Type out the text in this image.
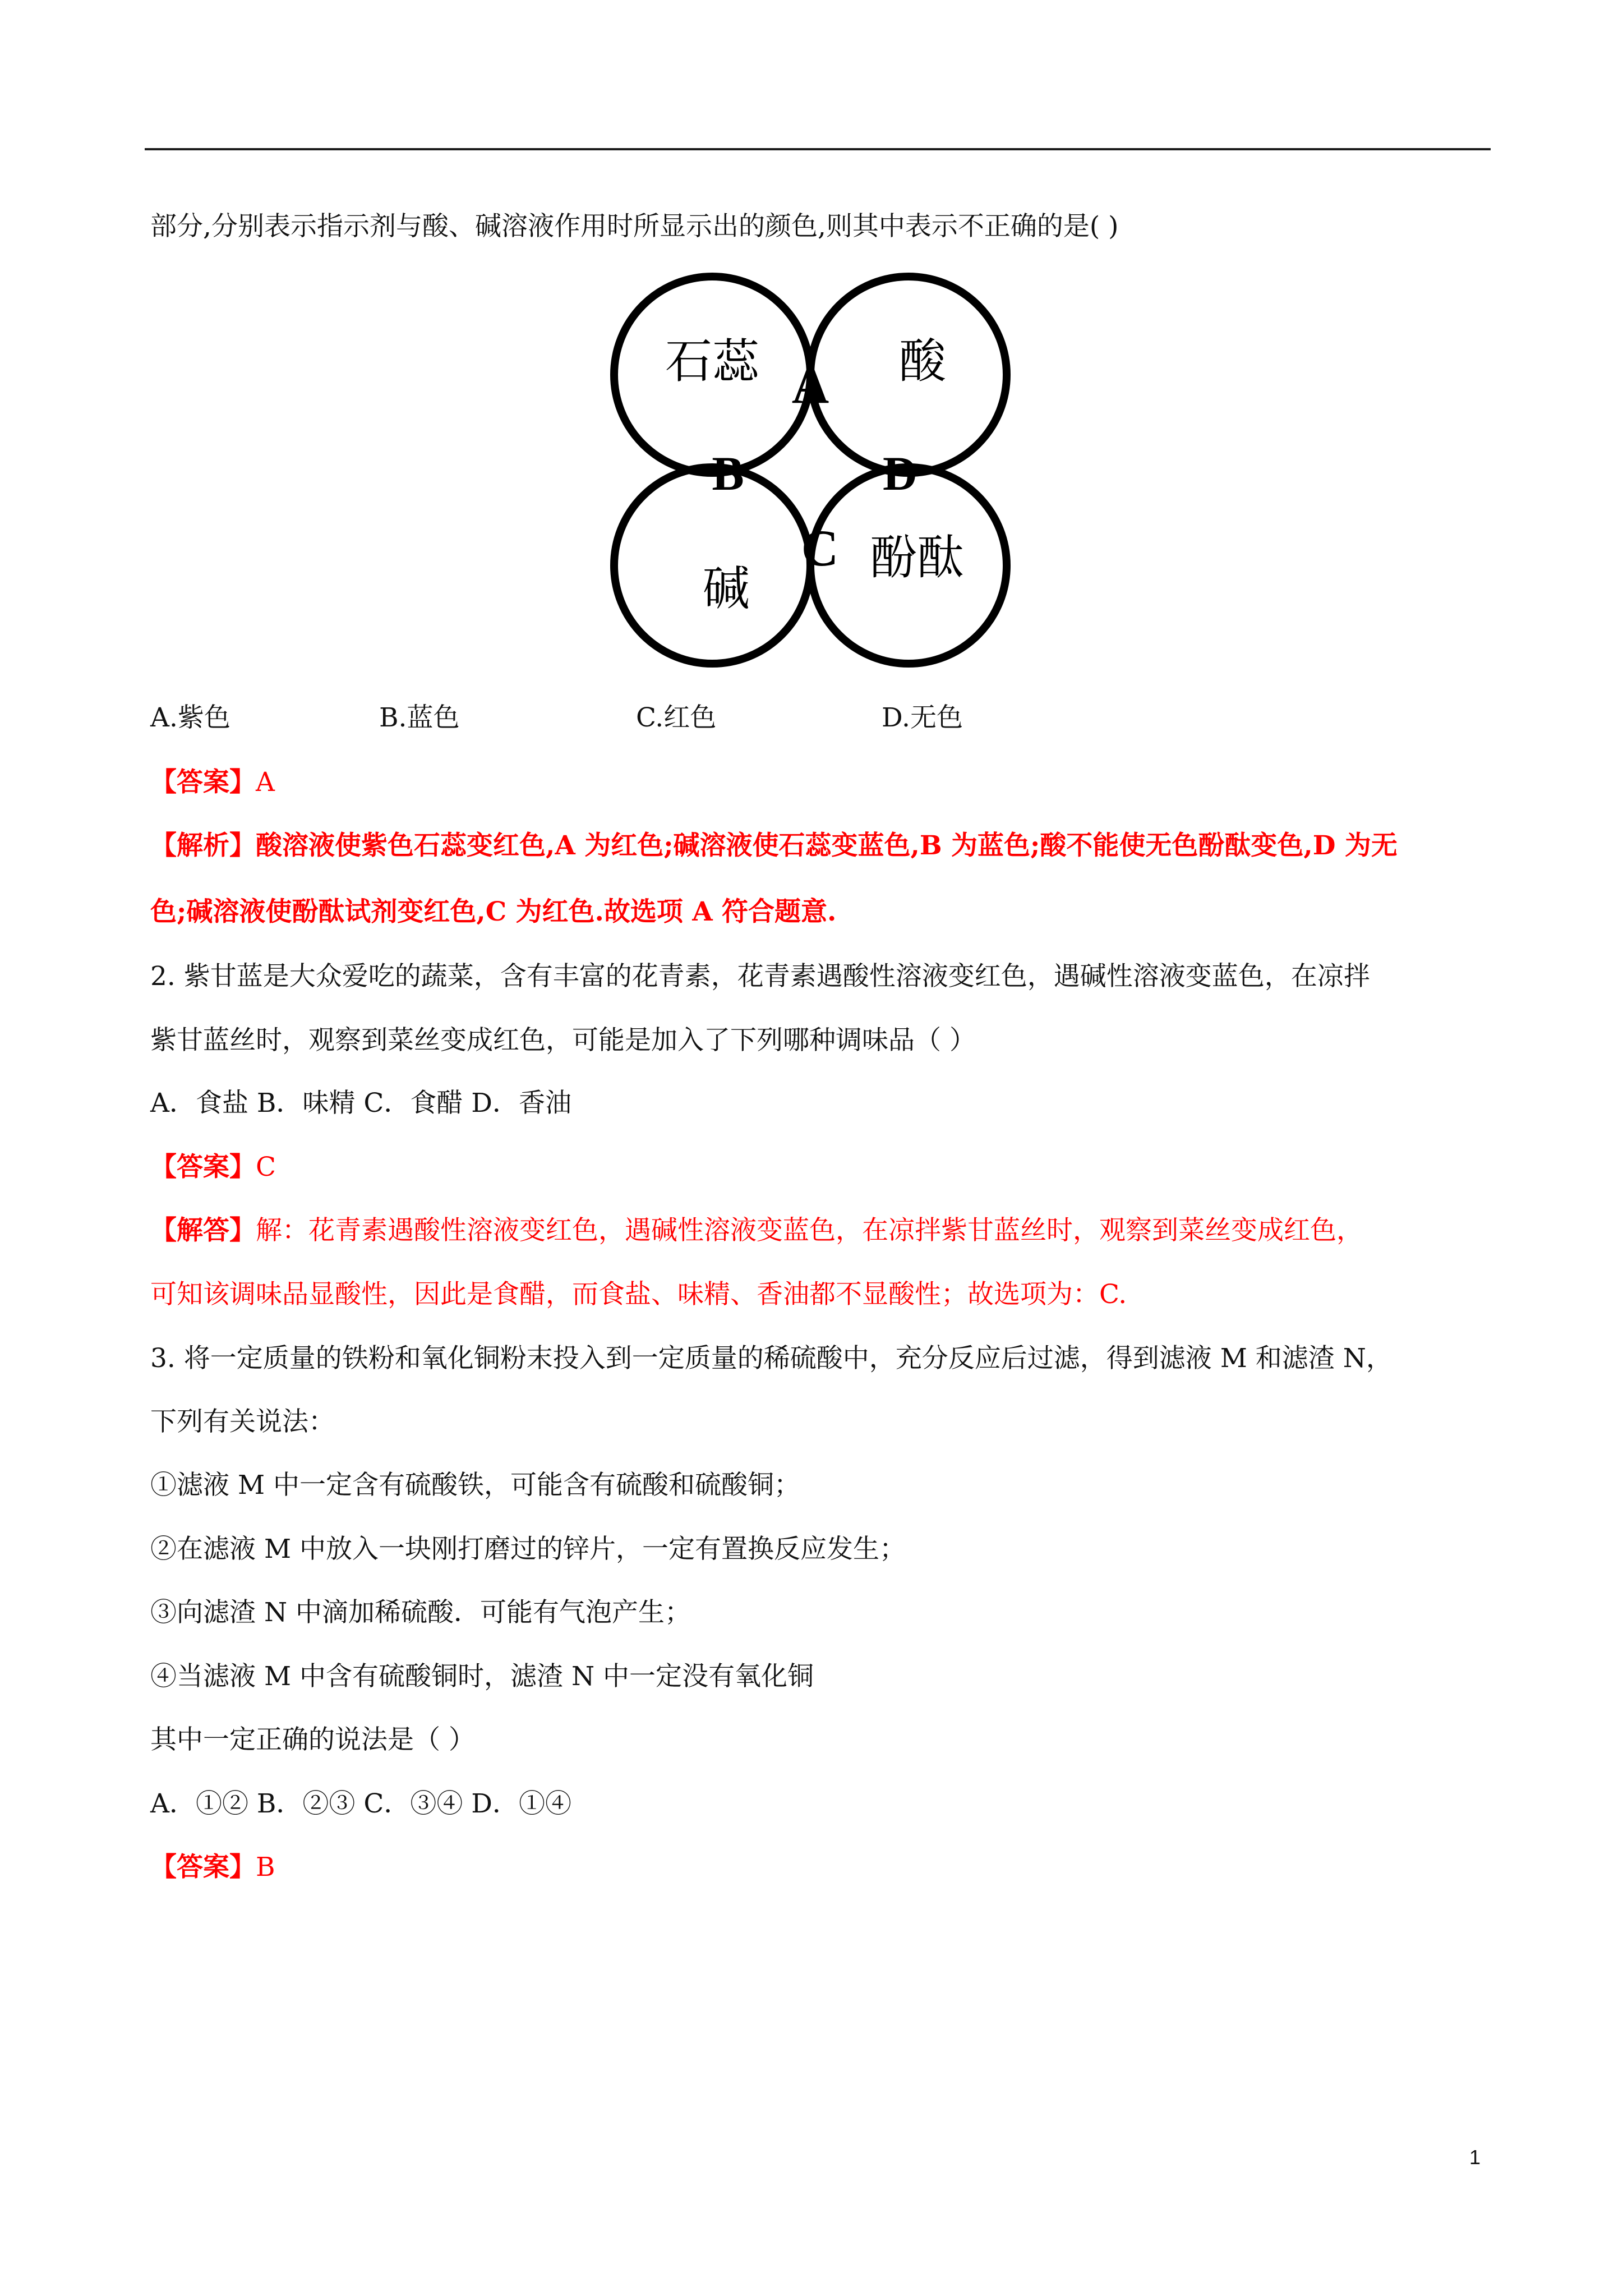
部分,分别表示指示剂与酸、碱溶液作用时所显示出的颜色,则其中表示不正确的是( )
石蕊	酸
碱
酚酞
A
B
C
D
A.紫色	B.蓝色	C.红色	D.无色
【答案】A
【解析】酸溶液使紫色石蕊变红色,A 为红色;碱溶液使石蕊变蓝色,B 为蓝色;酸不能使无色酚酞变色,D 为无
色;碱溶液使酚酞试剂变红色,C 为红色.故选项 A 符合题意.
2. 紫甘蓝是大众爱吃的蔬菜，含有丰富的花青素，花青素遇酸性溶液变红色，遇碱性溶液变蓝色，在凉拌
紫甘蓝丝时，观察到菜丝变成红色，可能是加入了下列哪种调味品（ ）
A．食盐 B．味精 C．食醋 D．香油
【答案】C
【解答】解：花青素遇酸性溶液变红色，遇碱性溶液变蓝色，在凉拌紫甘蓝丝时，观察到菜丝变成红色，
可知该调味品显酸性，因此是食醋，而食盐、味精、香油都不显酸性；故选项为：C.
3. 将一定质量的铁粉和氧化铜粉末投入到一定质量的稀硫酸中，充分反应后过滤，得到滤液 M 和滤渣 N，
下列有关说法：
①滤液 M 中一定含有硫酸铁，可能含有硫酸和硫酸铜；
②在滤液 M 中放入一块刚打磨过的锌片，一定有置换反应发生；
③向滤渣 N 中滴加稀硫酸．可能有气泡产生；
④当滤液 M 中含有硫酸铜时，滤渣 N 中一定没有氧化铜
其中一定正确的说法是（ ）
A．①② B．②③ C．③④ D．①④
【答案】B
1
